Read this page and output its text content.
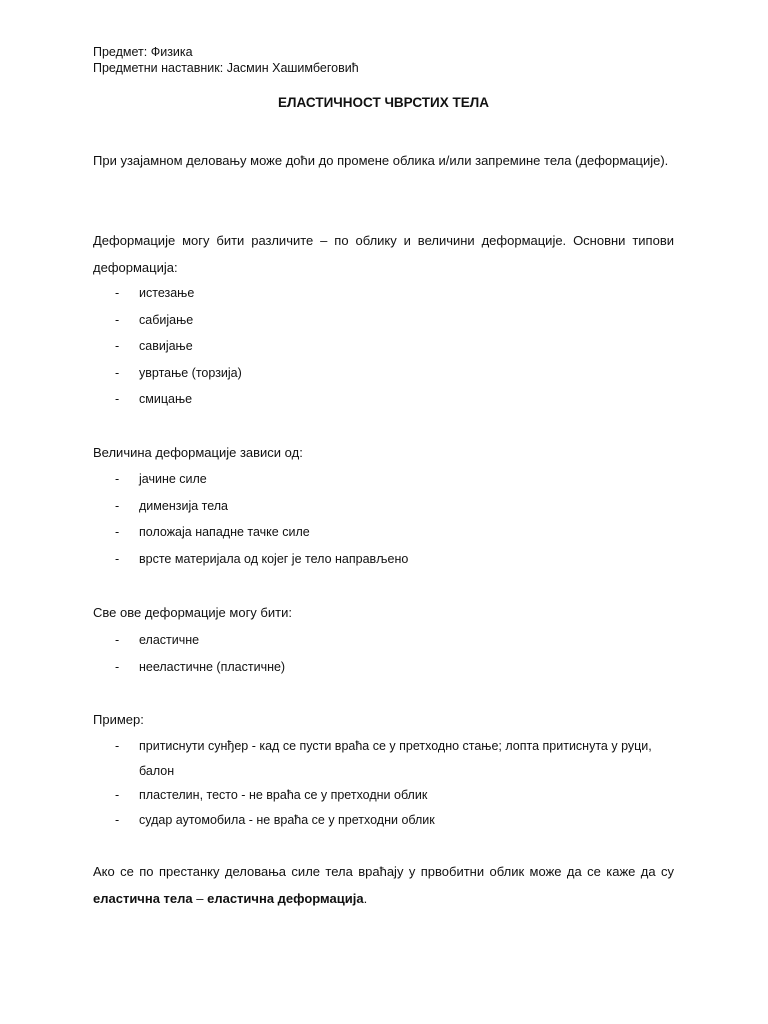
Предмет: Физика
Предметни наставник: Јасмин Хашимбеговић
ЕЛАСТИЧНОСТ ЧВРСТИХ ТЕЛА
При узајамном деловању може доћи до промене облика и/или запремине тела (деформације).
Деформације могу бити различите – по облику и величини деформације. Основни типови деформација:
- истезање
- сабијање
- савијање
- увртање (торзија)
- смицање
Величина деформације зависи од:
- јачине силе
- димензија тела
- положаја нападне тачке силе
- врсте материјала од којег је тело направљено
Све ове деформације могу бити:
- еластичне
- нееластичне (пластичне)
Пример:
- притиснути сунђер - кад се пусти враћа се у претходно стање; лопта притиснута у руци, балон
- пластелин, тесто - не враћа се у претходни облик
- судар аутомобила - не враћа се у претходни облик
Ако се по престанку деловања силе тела враћају у првобитни облик може да се каже да су еластична тела – еластична деформација.
